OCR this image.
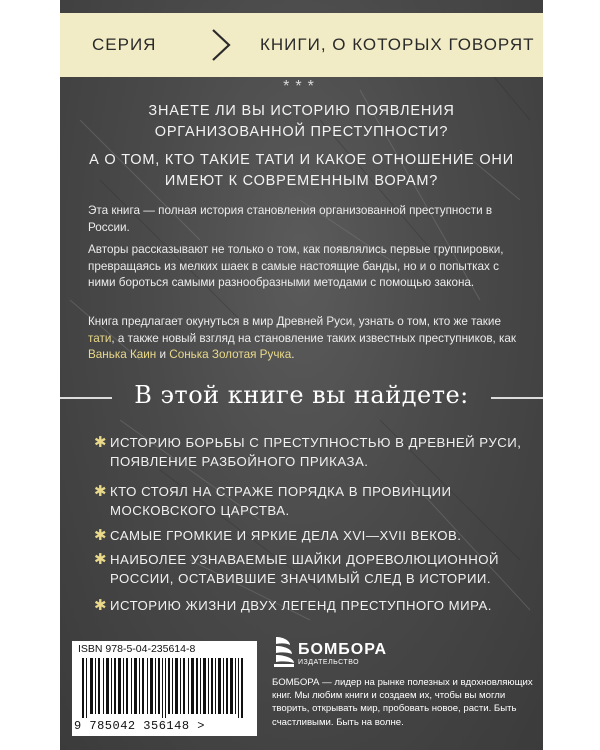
СЕРИЯ	КНИГИ, О КОТОРЫХ ГОВОРЯТ
***
ЗНАЕТЕ ЛИ ВЫ ИСТОРИЮ ПОЯВЛЕНИЯ ОРГАНИЗОВАННОЙ ПРЕСТУПНОСТИ?
А О ТОМ, КТО ТАКИЕ ТАТИ И КАКОЕ ОТНОШЕНИЕ ОНИ ИМЕЮТ К СОВРЕМЕННЫМ ВОРАМ?
Эта книга — полная история становления организованной преступности в России.
Авторы рассказывают не только о том, как появлялись первые группировки, превращаясь из мелких шаек в самые настоящие банды, но и о попытках с ними бороться самыми разнообразными методами с помощью закона.
Книга предлагает окунуться в мир Древней Руси, узнать о том, кто же такие тати, а также новый взгляд на становление таких известных преступников, как Ванька Каин и Сонька Золотая Ручка.
В этой книге вы найдете:
✱ ИСТОРИЮ БОРЬБЫ С ПРЕСТУПНОСТЬЮ В ДРЕВНЕЙ РУСИ, ПОЯВЛЕНИЕ РАЗБОЙНОГО ПРИКАЗА.
✱ КТО СТОЯЛ НА СТРАЖЕ ПОРЯДКА В ПРОВИНЦИИ МОСКОВСКОГО ЦАРСТВА.
✱ САМЫЕ ГРОМКИЕ И ЯРКИЕ ДЕЛА XVI—XVII ВЕКОВ.
✱ НАИБОЛЕЕ УЗНАВАЕМЫЕ ШАЙКИ ДОРЕВОЛЮЦИОННОЙ РОССИИ, ОСТАВИВШИЕ ЗНАЧИМЫЙ СЛЕД В ИСТОРИИ.
✱ ИСТОРИЮ ЖИЗНИ ДВУХ ЛЕГЕНД ПРЕСТУПНОГО МИРА.
ISBN 978-5-04-235614-8
9 785042 356148 >
БОМБОРА
ИЗДАТЕЛЬСТВО
БОМБОРА — лидер на рынке полезных и вдохновляющих книг. Мы любим книги и создаем их, чтобы вы могли творить, открывать мир, пробовать новое, расти. Быть счастливыми. Быть на волне.
